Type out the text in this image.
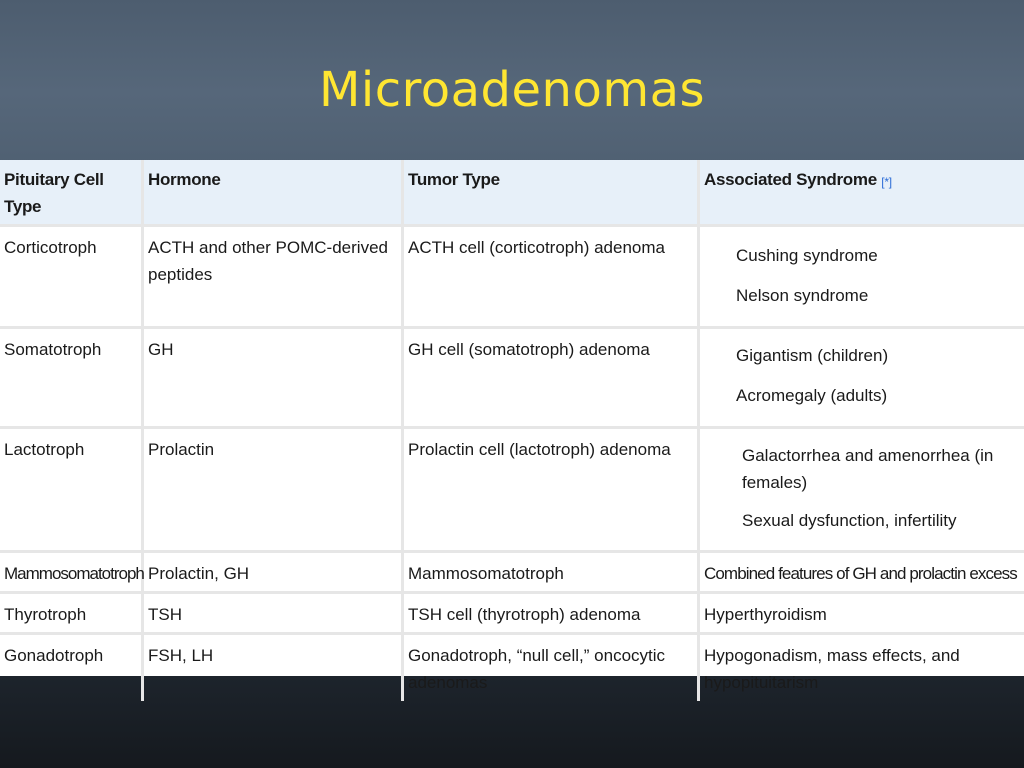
Microadenomas
Pituitary Cell Type	Hormone	Tumor Type	Associated Syndrome [*]
Corticotroph	ACTH and other POMC-derived peptides	ACTH cell (corticotroph) adenoma	Cushing syndrome
Nelson syndrome

Somatotroph	GH	GH cell (somatotroph) adenoma	Gigantism (children)
Acromegaly (adults)

Lactotroph	Prolactin	Prolactin cell (lactotroph) adenoma	Galactorrhea and amenorrhea (in females)
Sexual dysfunction, infertility

Mammosomatotroph	Prolactin, GH	Mammosomatotroph	Combined features of GH and prolactin excess
Thyrotroph	TSH	TSH cell (thyrotroph) adenoma	Hyperthyroidism
Gonadotroph	FSH, LH	Gonadotroph, “null cell,” oncocytic adenomas	Hypogonadism, mass effects, and hypopituitarism
